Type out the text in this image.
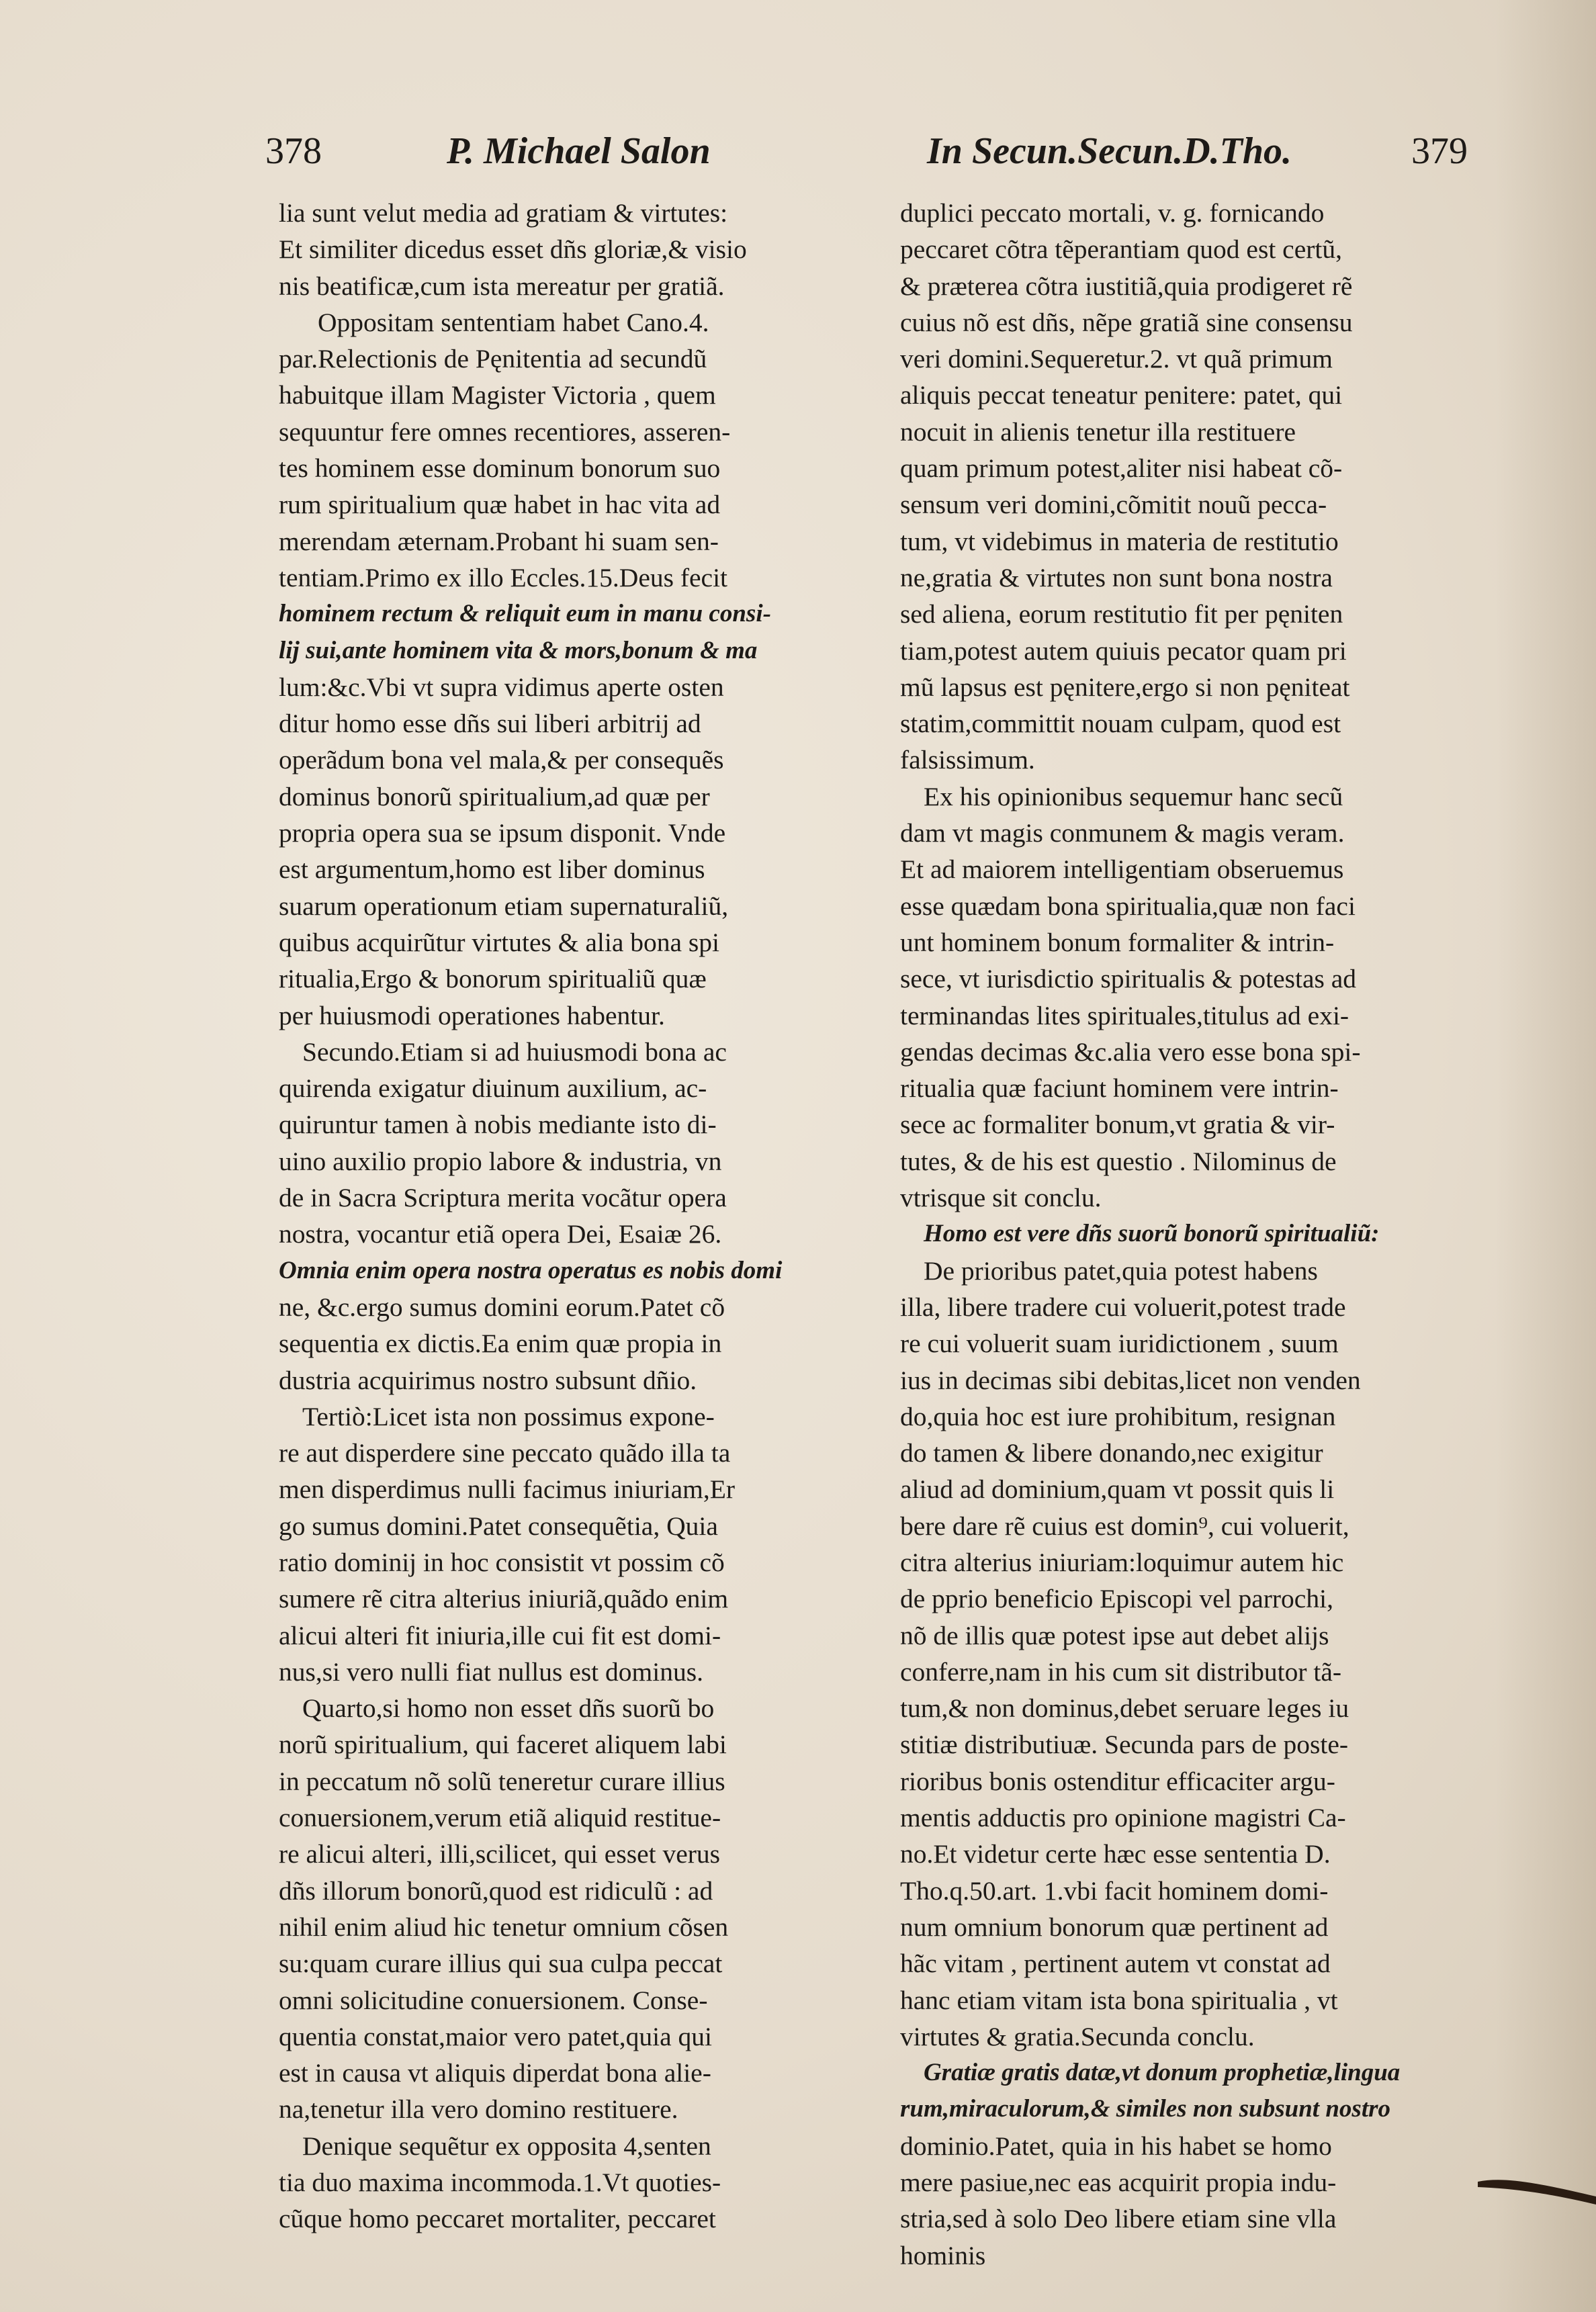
378	P. Michael Salon	In Secun.Secun.D.Tho.	379
lia sunt velut media ad gratiam & virtutes:
Et similiter dicedus esset dñs gloriæ,& visio
nis beatificæ,cum ista mereatur per gratiã.
Oppositam sententiam habet Cano.4.
par.Relectionis de Pęnitentia ad secundũ
habuitque illam Magister Victoria , quem
sequuntur fere omnes recentiores, asseren-
tes hominem esse dominum bonorum suo
rum spiritualium quæ habet in hac vita ad
merendam æternam.Probant hi suam sen-
tentiam.Primo ex illo Eccles.15.Deus fecit
hominem rectum & reliquit eum in manu consi-
lij sui,ante hominem vita & mors,bonum & ma
lum:&c.Vbi vt supra vidimus aperte osten
ditur homo esse dñs sui liberi arbitrij ad
operãdum bona vel mala,& per consequẽs
dominus bonorũ spiritualium,ad quæ per
propria opera sua se ipsum disponit. Vnde
est argumentum,homo est liber dominus
suarum operationum etiam supernaturaliũ,
quibus acquirũtur virtutes & alia bona spi
ritualia,Ergo & bonorum spiritualiũ quæ
per huiusmodi operationes habentur.
Secundo.Etiam si ad huiusmodi bona ac
quirenda exigatur diuinum auxilium, ac-
quiruntur tamen à nobis mediante isto di-
uino auxilio propio labore & industria, vn
de in Sacra Scriptura merita vocãtur opera
nostra, vocantur etiã opera Dei, Esaiæ 26.
Omnia enim opera nostra operatus es nobis domi
ne, &c.ergo sumus domini eorum.Patet cõ
sequentia ex dictis.Ea enim quæ propia in
dustria acquirimus nostro subsunt dñio.
Tertiò:Licet ista non possimus expone-
re aut disperdere sine peccato quãdo illa ta
men disperdimus nulli facimus iniuriam,Er
go sumus domini.Patet consequẽtia, Quia
ratio dominij in hoc consistit vt possim cõ
sumere rẽ citra alterius iniuriã,quãdo enim
alicui alteri fit iniuria,ille cui fit est domi-
nus,si vero nulli fiat nullus est dominus.
Quarto,si homo non esset dñs suorũ bo
norũ spiritualium, qui faceret aliquem labi
in peccatum nõ solũ teneretur curare illius
conuersionem,verum etiã aliquid restitue-
re alicui alteri, illi,scilicet, qui esset verus
dñs illorum bonorũ,quod est ridiculũ : ad
nihil enim aliud hic tenetur omnium cõsen
su:quam curare illius qui sua culpa peccat
omni solicitudine conuersionem. Conse-
quentia constat,maior vero patet,quia qui
est in causa vt aliquis diperdat bona alie-
na,tenetur illa vero domino restituere.
Denique sequẽtur ex opposita 4,senten
tia duo maxima incommoda.1.Vt quoties-
cũque homo peccaret mortaliter, peccaret
duplici peccato mortali, v. g. fornicando
peccaret cõtra tẽperantiam quod est certũ,
& præterea cõtra iustitiã,quia prodigeret rẽ
cuius nõ est dñs, nẽpe gratiã sine consensu
veri domini.Sequeretur.2. vt quã primum
aliquis peccat teneatur penitere: patet, qui
nocuit in alienis tenetur illa restituere
quam primum potest,aliter nisi habeat cõ-
sensum veri domini,cõmitit nouũ pecca-
tum, vt videbimus in materia de restitutio
ne,gratia & virtutes non sunt bona nostra
sed aliena, eorum restitutio fit per pęniten
tiam,potest autem quiuis pecator quam pri
mũ lapsus est pęnitere,ergo si non pęniteat
statim,committit nouam culpam, quod est
falsissimum.
Ex his opinionibus sequemur hanc secũ
dam vt magis conmunem & magis veram.
Et ad maiorem intelligentiam obseruemus
esse quædam bona spiritualia,quæ non faci
unt hominem bonum formaliter & intrin-
sece, vt iurisdictio spiritualis & potestas ad
terminandas lites spirituales,titulus ad exi-
gendas decimas &c.alia vero esse bona spi-
ritualia quæ faciunt hominem vere intrin-
sece ac formaliter bonum,vt gratia & vir-
tutes, & de his est questio . Nilominus de
vtrisque sit conclu.
Homo est vere dñs suorũ bonorũ spiritualiũ:
De prioribus patet,quia potest habens
illa, libere tradere cui voluerit,potest trade
re cui voluerit suam iuridictionem , suum
ius in decimas sibi debitas,licet non venden
do,quia hoc est iure prohibitum, resignan
do tamen & libere donando,nec exigitur
aliud ad dominium,quam vt possit quis li
bere dare rẽ cuius est domin⁹, cui voluerit,
citra alterius iniuriam:loquimur autem hic
de pprio beneficio Episcopi vel parrochi,
nõ de illis quæ potest ipse aut debet alijs
conferre,nam in his cum sit distributor tã-
tum,& non dominus,debet seruare leges iu
stitiæ distributiuæ. Secunda pars de poste-
rioribus bonis ostenditur efficaciter argu-
mentis adductis pro opinione magistri Ca-
no.Et videtur certe hæc esse sententia D.
Tho.q.50.art. 1.vbi facit hominem domi-
num omnium bonorum quæ pertinent ad
hãc vitam , pertinent autem vt constat ad
hanc etiam vitam ista bona spiritualia , vt
virtutes & gratia.Secunda conclu.
Gratiæ gratis datæ,vt donum prophetiæ,lingua
rum,miraculorum,& similes non subsunt nostro
dominio.Patet, quia in his habet se homo
mere pasiue,nec eas acquirit propia indu-
stria,sed à solo Deo libere etiam sine vlla
hominis
